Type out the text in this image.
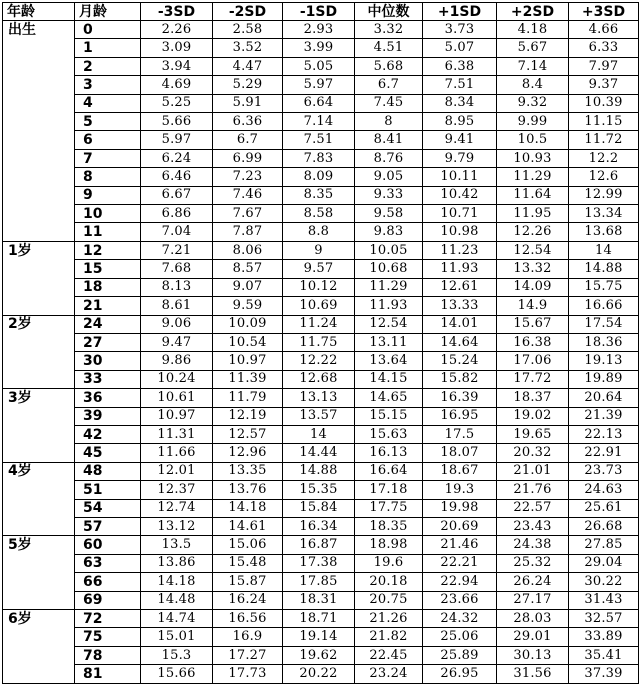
年龄	月龄	-3SD	-2SD	-1SD	中位数	+1SD	+2SD	+3SD
出生	0	2.26	2.58	2.93	3.32	3.73	4.18	4.66
	1	3.09	3.52	3.99	4.51	5.07	5.67	6.33
	2	3.94	4.47	5.05	5.68	6.38	7.14	7.97
	3	4.69	5.29	5.97	6.7	7.51	8.4	9.37
	4	5.25	5.91	6.64	7.45	8.34	9.32	10.39
	5	5.66	6.36	7.14	8	8.95	9.99	11.15
	6	5.97	6.7	7.51	8.41	9.41	10.5	11.72
	7	6.24	6.99	7.83	8.76	9.79	10.93	12.2
	8	6.46	7.23	8.09	9.05	10.11	11.29	12.6
	9	6.67	7.46	8.35	9.33	10.42	11.64	12.99
	10	6.86	7.67	8.58	9.58	10.71	11.95	13.34
	11	7.04	7.87	8.8	9.83	10.98	12.26	13.68
1岁	12	7.21	8.06	9	10.05	11.23	12.54	14
	15	7.68	8.57	9.57	10.68	11.93	13.32	14.88
	18	8.13	9.07	10.12	11.29	12.61	14.09	15.75
	21	8.61	9.59	10.69	11.93	13.33	14.9	16.66
2岁	24	9.06	10.09	11.24	12.54	14.01	15.67	17.54
	27	9.47	10.54	11.75	13.11	14.64	16.38	18.36
	30	9.86	10.97	12.22	13.64	15.24	17.06	19.13
	33	10.24	11.39	12.68	14.15	15.82	17.72	19.89
3岁	36	10.61	11.79	13.13	14.65	16.39	18.37	20.64
	39	10.97	12.19	13.57	15.15	16.95	19.02	21.39
	42	11.31	12.57	14	15.63	17.5	19.65	22.13
	45	11.66	12.96	14.44	16.13	18.07	20.32	22.91
4岁	48	12.01	13.35	14.88	16.64	18.67	21.01	23.73
	51	12.37	13.76	15.35	17.18	19.3	21.76	24.63
	54	12.74	14.18	15.84	17.75	19.98	22.57	25.61
	57	13.12	14.61	16.34	18.35	20.69	23.43	26.68
5岁	60	13.5	15.06	16.87	18.98	21.46	24.38	27.85
	63	13.86	15.48	17.38	19.6	22.21	25.32	29.04
	66	14.18	15.87	17.85	20.18	22.94	26.24	30.22
	69	14.48	16.24	18.31	20.75	23.66	27.17	31.43
6岁	72	14.74	16.56	18.71	21.26	24.32	28.03	32.57
	75	15.01	16.9	19.14	21.82	25.06	29.01	33.89
	78	15.3	17.27	19.62	22.45	25.89	30.13	35.41
	81	15.66	17.73	20.22	23.24	26.95	31.56	37.39
